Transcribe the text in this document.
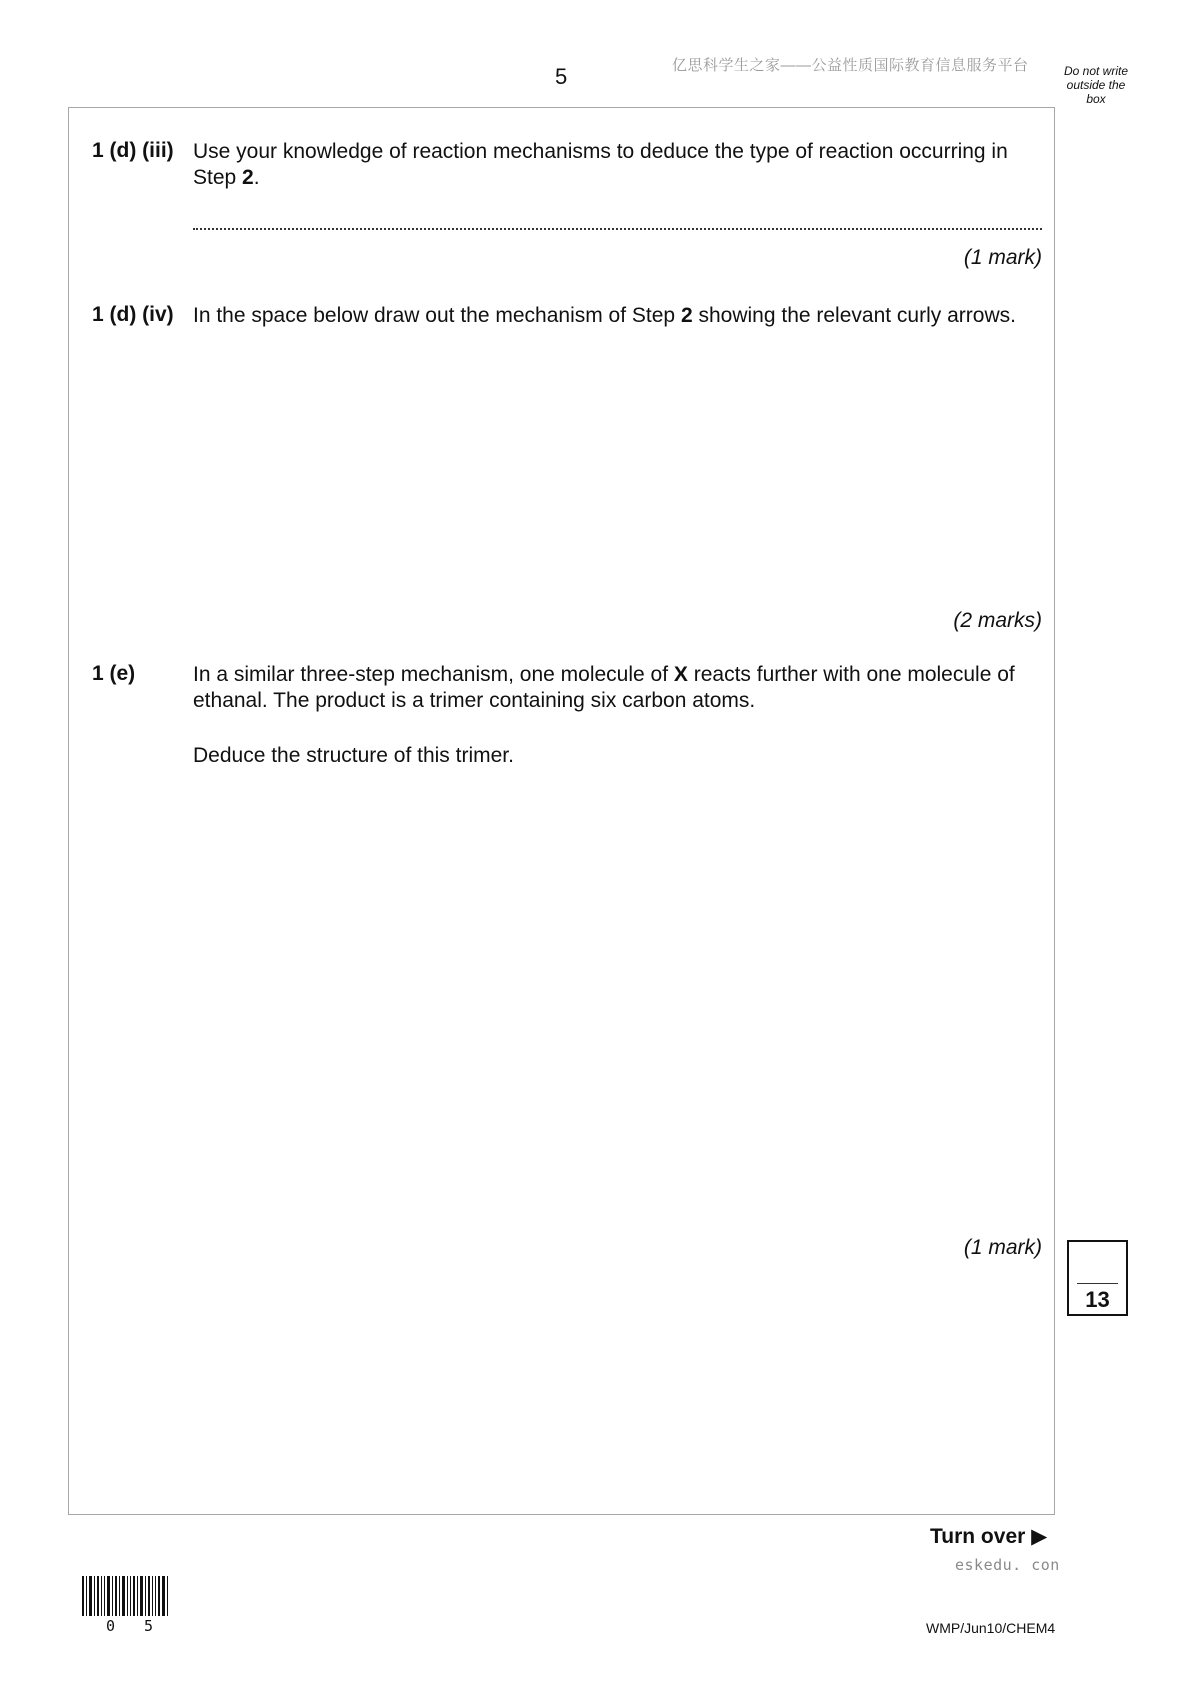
5	亿思科学生之家——公益性质国际教育信息服务平台	Do not write outside the box
1 (d) (iii) Use your knowledge of reaction mechanisms to deduce the type of reaction occurring in Step 2.
(1 mark)
1 (d) (iv) In the space below draw out the mechanism of Step 2 showing the relevant curly arrows.
(2 marks)
1 (e)	In a similar three-step mechanism, one molecule of X reacts further with one molecule of ethanal. The product is a trimer containing six carbon atoms.
Deduce the structure of this trimer.
(1 mark)
13
Turn over ▶
eskedu. con
0 5	WMP/Jun10/CHEM4
